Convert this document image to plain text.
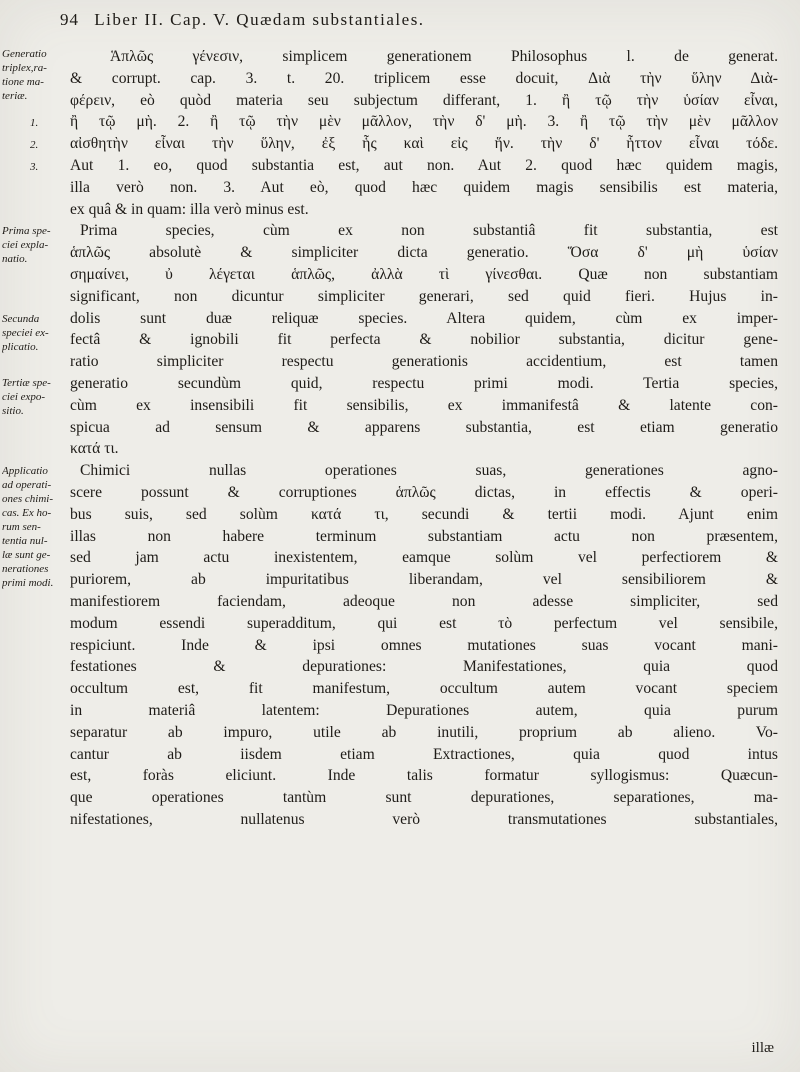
94 Liber II. Cap. V. Quædam substantiales.
Generatio
triplex,ra-
tione ma-
teriæ.
1.
2.
3.
Prima spe-
ciei expla-
natio.
Secunda
speciei ex-
plicatio.
Tertiæ spe-
ciei expo-
sitio.
Applicatio
ad operati-
ones chimi-
cas. Ex ho-
rum sen-
tentia nul-
læ sunt ge-
nerationes
primi modi.
Ἁπλῶς γένεσιν, simplicem generationem Philosophus l. de generat.
& corrupt. cap. 3. t. 20. triplicem esse docuit, Διὰ τὴν ὕλην Διὰ-
φέρειν, eò quòd materia seu subjectum differant, 1. ἢ τῷ τὴν ὑσίαν εἶναι,
ἢ τῷ μὴ. 2. ἢ τῷ τὴν μὲν μᾶλλον, τὴν δ' μὴ. 3. ἢ τῷ τὴν μὲν μᾶλλον
αἰσθητὴν εἶναι τὴν ὕλην, ἐξ ἧς καὶ εἰς ἥν. τὴν δ' ἧττον εἶναι τόδε.
Aut 1. eo, quod substantia est, aut non. Aut 2. quod hæc quidem magis,
illa verò non. 3. Aut eò, quod hæc quidem magis sensibilis est materia,
ex quâ & in quam: illa verò minus est.
Prima species, cùm ex non substantiâ fit substantia, est
ἁπλῶς absolutè & simpliciter dicta generatio. Ὅσα δ' μὴ ὑσίαν
σημαίνει, ὐ λέγεται ἁπλῶς, ἀλλὰ τὶ γίνεσθαι. Quæ non substantiam
significant, non dicuntur simpliciter generari, sed quid fieri. Hujus in-
dolis sunt duæ reliquæ species. Altera quidem, cùm ex imper-
fectâ & ignobili fit perfecta & nobilior substantia, dicitur gene-
ratio simpliciter respectu generationis accidentium, est tamen
generatio secundùm quid, respectu primi modi. Tertia species,
cùm ex insensibili fit sensibilis, ex immanifestâ & latente con-
spicua ad sensum & apparens substantia, est etiam generatio
κατά τι.
Chimici nullas operationes suas, generationes agno-
scere possunt & corruptiones ἁπλῶς dictas, in effectis & operi-
bus suis, sed solùm κατά τι, secundi & tertii modi. Ajunt enim
illas non habere terminum substantiam actu non præsentem,
sed jam actu inexistentem, eamque solùm vel perfectiorem &
puriorem, ab impuritatibus liberandam, vel sensibiliorem &
manifestiorem faciendam, adeoque non adesse simpliciter, sed
modum essendi superadditum, qui est τὸ perfectum vel sensibile,
respiciunt. Inde & ipsi omnes mutationes suas vocant mani-
festationes & depurationes: Manifestationes, quia quod
occultum est, fit manifestum, occultum autem vocant speciem
in materiâ latentem: Depurationes autem, quia purum
separatur ab impuro, utile ab inutili, proprium ab alieno. Vo-
cantur ab iisdem etiam Extractiones, quia quod intus
est, foràs eliciunt. Inde talis formatur syllogismus: Quæcun-
que operationes tantùm sunt depurationes, separationes, ma-
nifestationes, nullatenus verò transmutationes substantiales,
illæ
